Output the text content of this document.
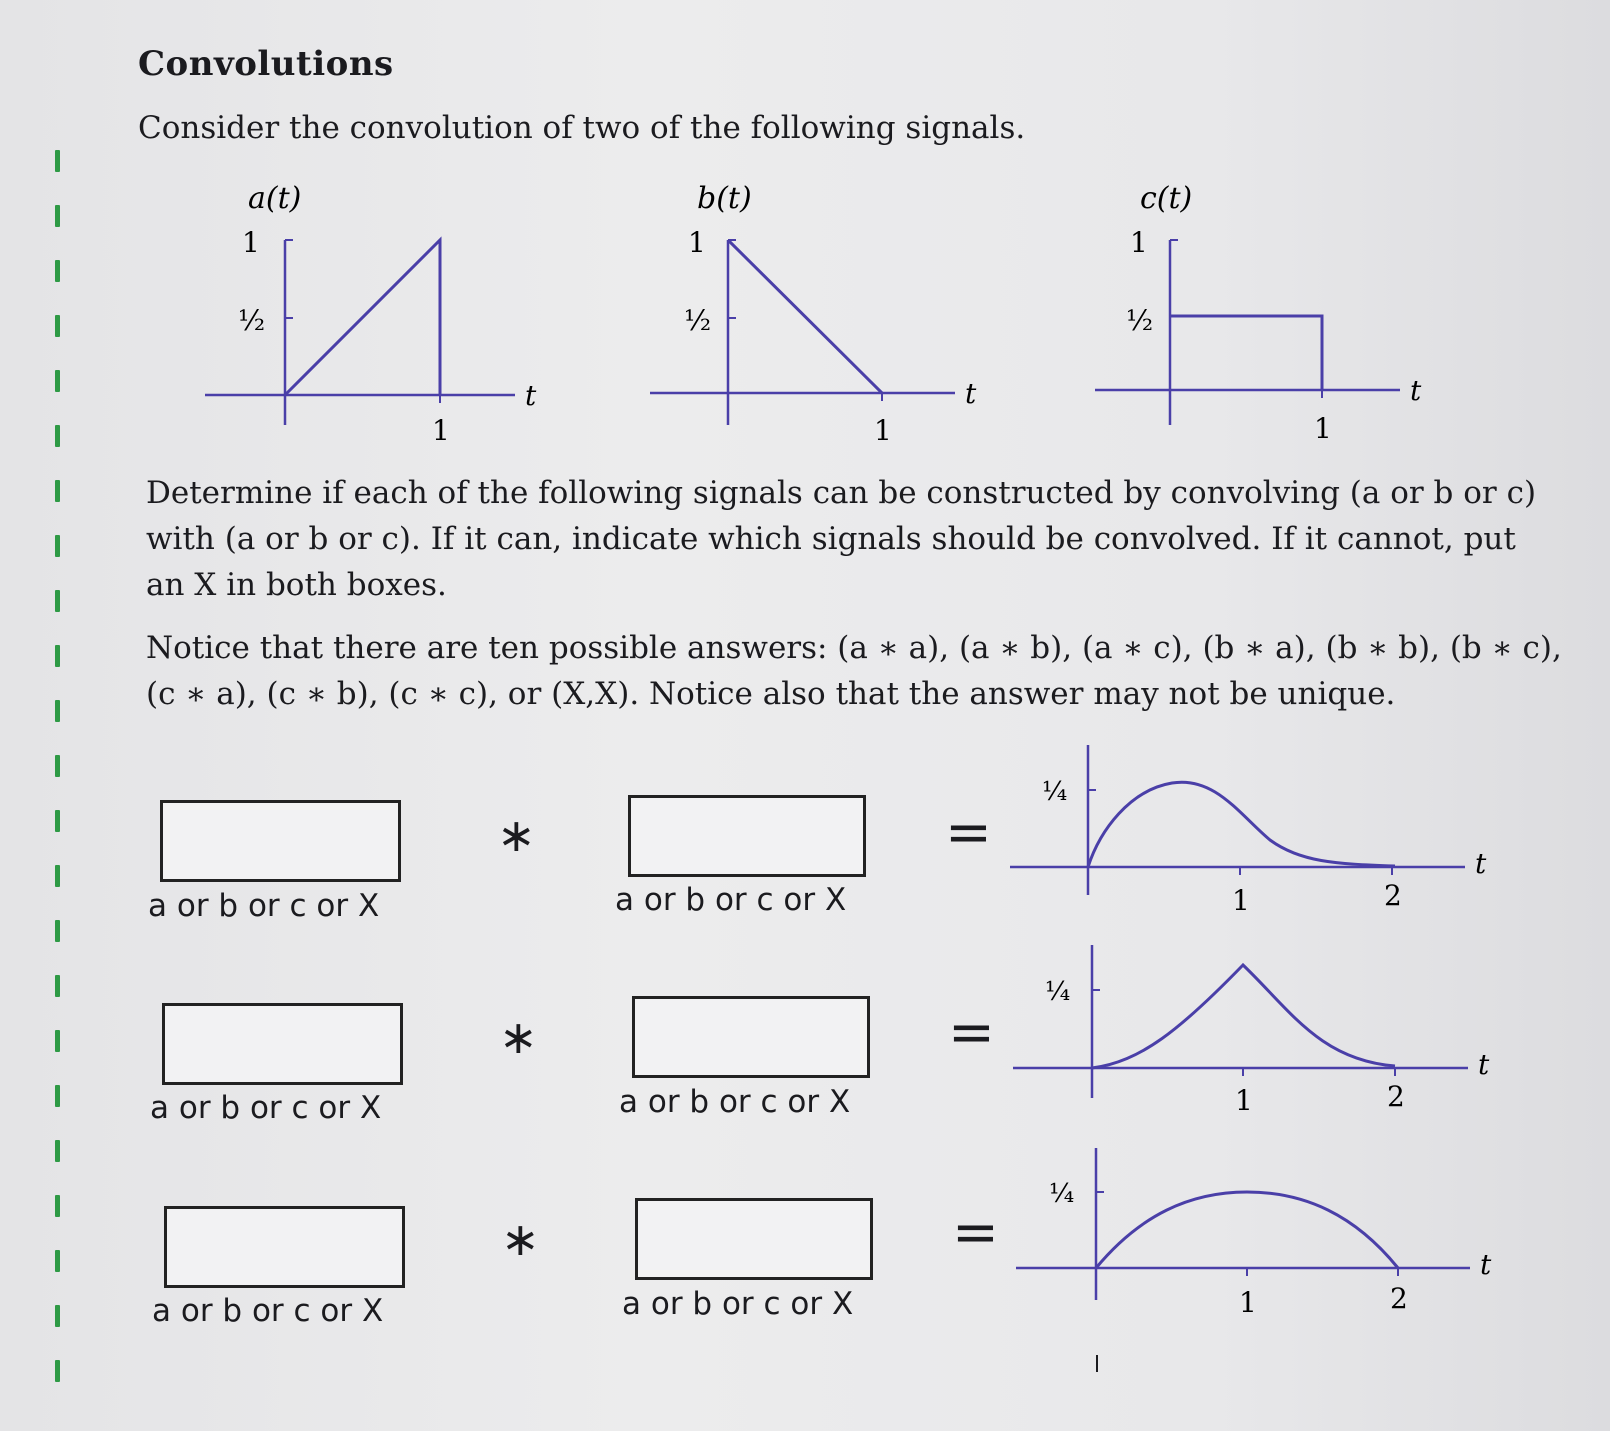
Convolutions
Consider the convolution of two of the following signals.
a(t)
1
½
1
t
b(t)
1
½
1
t
c(t)
1
½
1
t
Determine if each of the following signals can be constructed by convolving (a or b or c)
with (a or b or c). If it can, indicate which signals should be convolved. If it cannot, put
an X in both boxes.
Notice that there are ten possible answers: (a ∗ a), (a ∗ b), (a ∗ c), (b ∗ a), (b ∗ b), (b ∗ c),
(c ∗ a), (c ∗ b), (c ∗ c), or (X,X). Notice also that the answer may not be unique.
a or b or c or X
∗
a or b or c or X
=
a or b or c or X
∗
a or b or c or X
=
a or b or c or X
∗
a or b or c or X
=
¼
1	2
t
¼
1	2
t
¼
1	2
t
